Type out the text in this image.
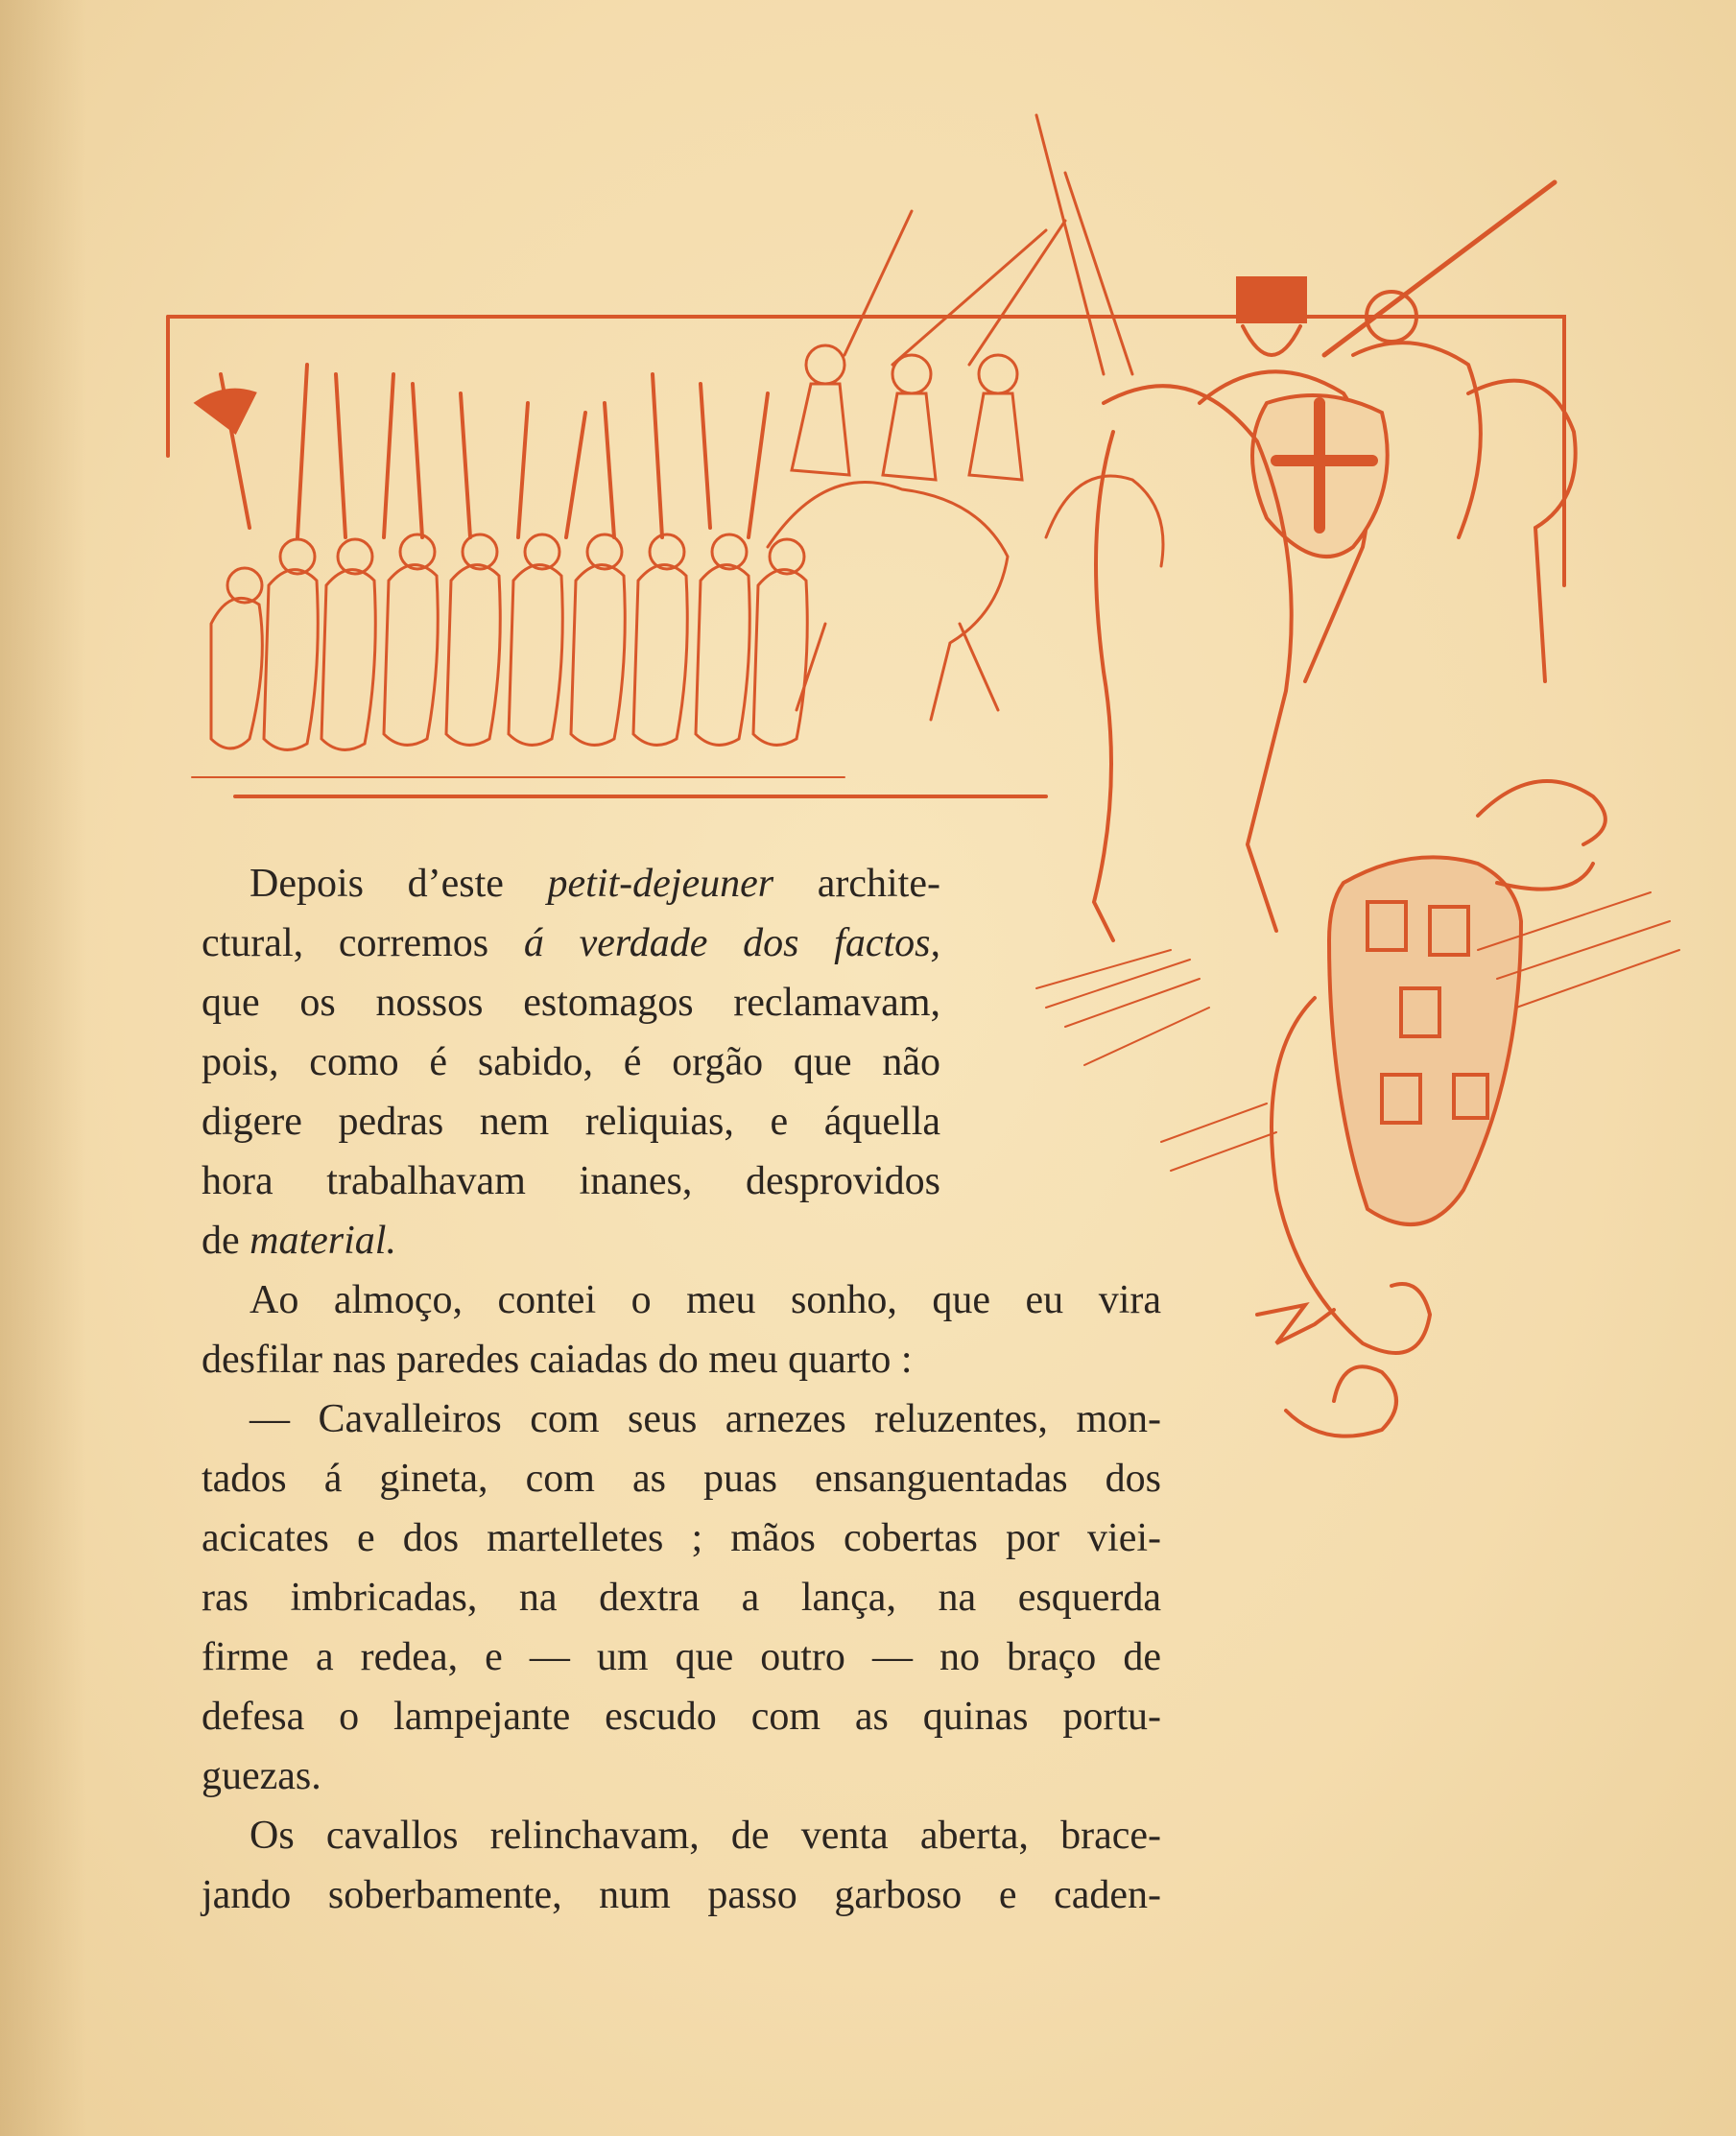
Depois d’este petit-dejeuner archite-
ctural, corremos á verdade dos factos,
que os nossos estomagos reclamavam,
pois, como é sabido, é orgão que não
digere pedras nem reliquias, e áquella
hora trabalhavam inanes, desprovidos
de material.

Ao almoço, contei o meu sonho, que eu vira
desfilar nas paredes caiadas do meu quarto :

— Cavalleiros com seus arnezes reluzentes, mon-
tados á gineta, com as puas ensanguentadas dos
acicates e dos martelletes ; mãos cobertas por viei-
ras imbricadas, na dextra a lança, na esquerda
firme a redea, e — um que outro — no braço de
defesa o lampejante escudo com as quinas portu-
guezas.

Os cavallos relinchavam, de venta aberta, brace-
jando soberbamente, num passo garboso e caden-
